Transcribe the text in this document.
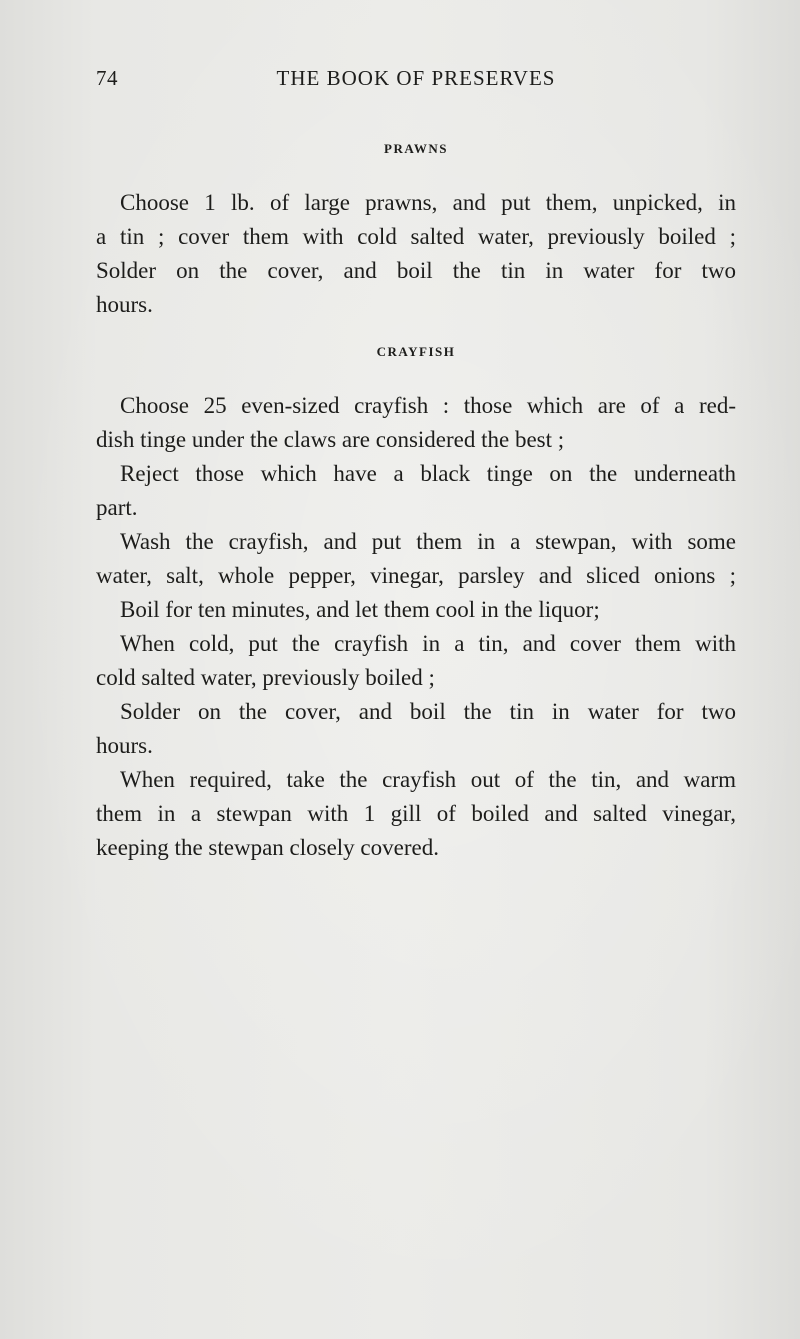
74	THE BOOK OF PRESERVES
PRAWNS
Choose 1 lb. of large prawns, and put them, unpicked, in
a tin ; cover them with cold salted water, previously boiled ;
Solder on the cover, and boil the tin in water for two
hours.
CRAYFISH
Choose 25 even-sized crayfish : those which are of a red-
dish tinge under the claws are considered the best ;
Reject those which have a black tinge on the underneath
part.
Wash the crayfish, and put them in a stewpan, with some
water, salt, whole pepper, vinegar, parsley and sliced onions ;
Boil for ten minutes, and let them cool in the liquor;
When cold, put the crayfish in a tin, and cover them with
cold salted water, previously boiled ;
Solder on the cover, and boil the tin in water for two
hours.
When required, take the crayfish out of the tin, and warm
them in a stewpan with 1 gill of boiled and salted vinegar,
keeping the stewpan closely covered.
